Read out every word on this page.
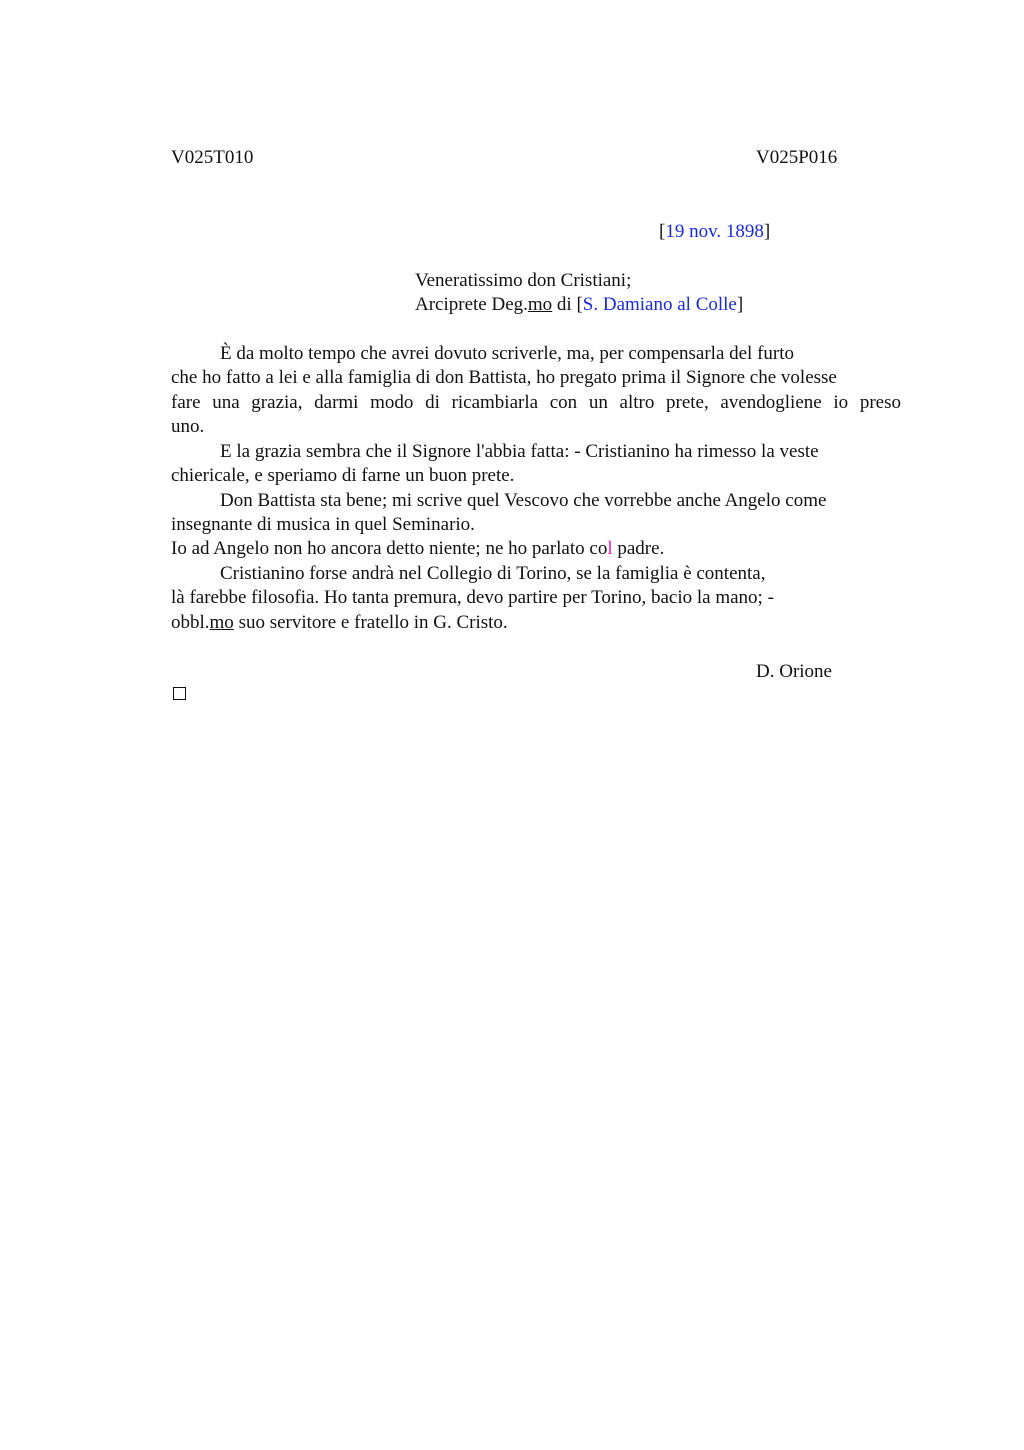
V025T010	V025P016
[19 nov. 1898]
Veneratissimo don Cristiani;
Arciprete Deg.mo di [S. Damiano al Colle]
È da molto tempo che avrei dovuto scriverle, ma, per compensarla del furto
che ho fatto a lei e alla famiglia di don Battista, ho pregato prima il Signore che volesse
fare una grazia, darmi modo di ricambiarla con un altro prete, avendogliene io preso
uno.
E la grazia sembra che il Signore l'abbia fatta: - Cristianino ha rimesso la veste
chiericale, e speriamo di farne un buon prete.
Don Battista sta bene; mi scrive quel Vescovo che vorrebbe anche Angelo come
insegnante di musica in quel Seminario.
Io ad Angelo non ho ancora detto niente; ne ho parlato col padre.
Cristianino forse andrà nel Collegio di Torino, se la famiglia è contenta,
là farebbe filosofia. Ho tanta premura, devo partire per Torino, bacio la mano; -
obbl.mo suo servitore e fratello in G. Cristo.
D. Orione
